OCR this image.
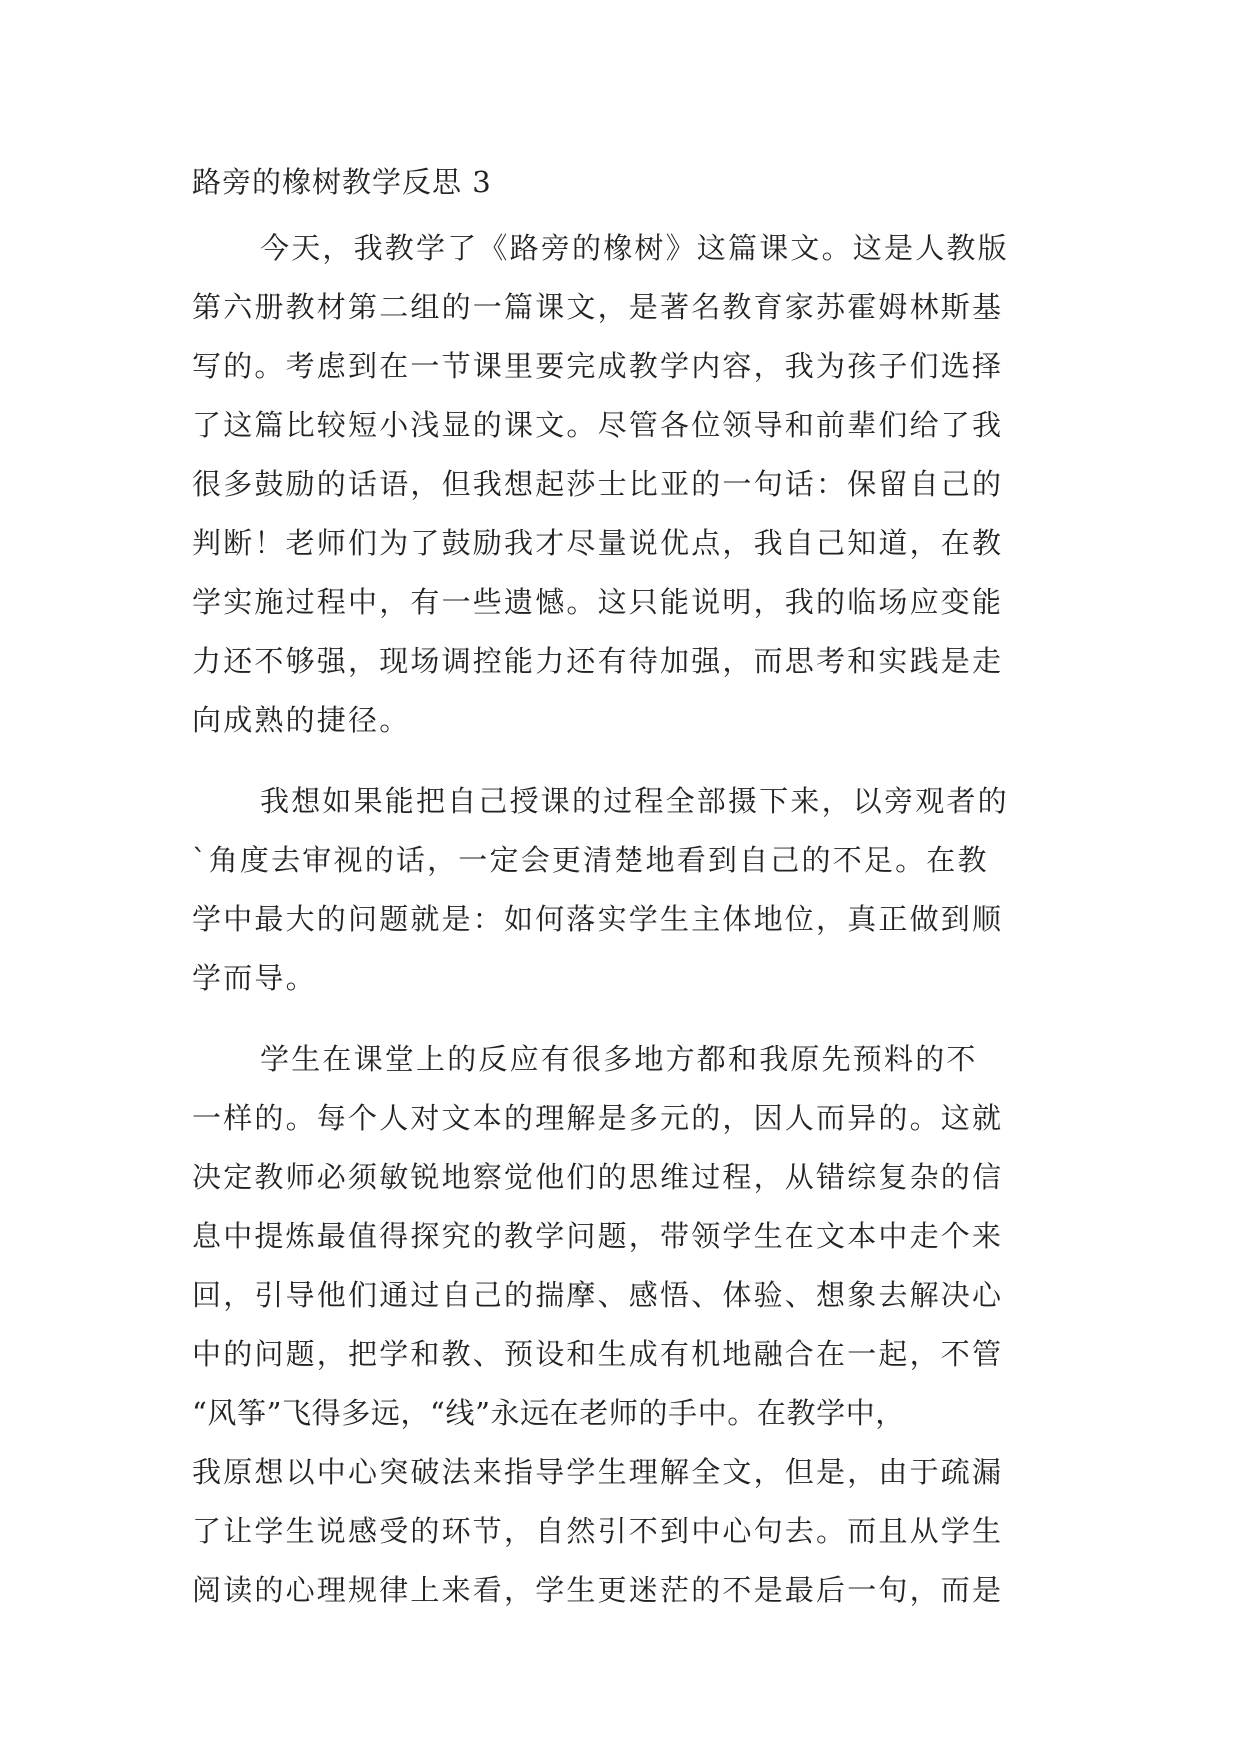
路旁的橡树教学反思 3
今天，我教学了《路旁的橡树》这篇课文。这是人教版
第六册教材第二组的一篇课文，是著名教育家苏霍姆林斯基
写的。考虑到在一节课里要完成教学内容，我为孩子们选择
了这篇比较短小浅显的课文。尽管各位领导和前辈们给了我
很多鼓励的话语，但我想起莎士比亚的一句话：保留自己的
判断！老师们为了鼓励我才尽量说优点，我自己知道，在教
学实施过程中，有一些遗憾。这只能说明，我的临场应变能
力还不够强，现场调控能力还有待加强，而思考和实践是走
向成熟的捷径。
我想如果能把自己授课的过程全部摄下来，以旁观者的
`角度去审视的话，一定会更清楚地看到自己的不足。在教
学中最大的问题就是：如何落实学生主体地位，真正做到顺
学而导。
学生在课堂上的反应有很多地方都和我原先预料的不
一样的。每个人对文本的理解是多元的，因人而异的。这就
决定教师必须敏锐地察觉他们的思维过程，从错综复杂的信
息中提炼最值得探究的教学问题，带领学生在文本中走个来
回，引导他们通过自己的揣摩、感悟、体验、想象去解决心
中的问题，把学和教、预设和生成有机地融合在一起，不管
“风筝”飞得多远，“线”永远在老师的手中。在教学中，
我原想以中心突破法来指导学生理解全文，但是，由于疏漏
了让学生说感受的环节，自然引不到中心句去。而且从学生
阅读的心理规律上来看，学生更迷茫的不是最后一句，而是
